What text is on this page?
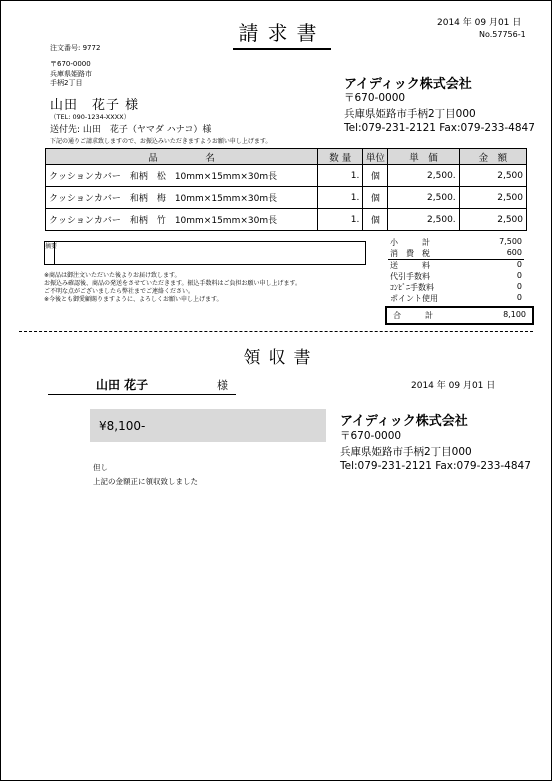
請求書	2014 年 09 月01 日
No.57756-1
注文番号: 9772
〒670-0000
兵庫県姫路市
手柄2丁目
山田　花子 様
（TEL: 090-1234-XXXX）
送付先: 山田　花子（ヤマダ ハナコ）様
下記の通りご請求致しますので、お振込みいただきますようお願い申し上げます。
アイディック株式会社
〒670-0000
兵庫県姫路市手柄2丁目000
Tel:079-231-2121 Fax:079-233-4847
品　　　　　名	数 量	単位	単　価	金　額
クッションカバー　和柄　松　10mm×15mm×30m長	1.	個	2,500.	2,500
クッションカバー　和柄　梅　10mm×15mm×30m長	1.	個	2,500.	2,500
クッションカバー　和柄　竹　10mm×15mm×30m長	1.	個	2,500.	2,500
摘要
※商品は御注文いただいた後よりお届け致します。
お振込み確認後、商品の発送をさせていただきます。振込手数料はご負担お願い申し上げます。
ご不明な点がございましたら弊社までご連絡ください。
※今後とも御愛顧賜りますように、よろしくお願い申し上げます。
小　　　計	7,500
消　費　税	600
送　　　料	0
代引手数料	0
ｺﾝﾋﾞﾆ手数料	0
ポイント使用	0
合　　　計	8,100
領収書
山田 花子	様	2014 年 09 月01 日
¥8,100-	アイディック株式会社
〒670-0000
兵庫県姫路市手柄2丁目000
Tel:079-231-2121 Fax:079-233-4847
但し
上記の金額正に領収致しました
